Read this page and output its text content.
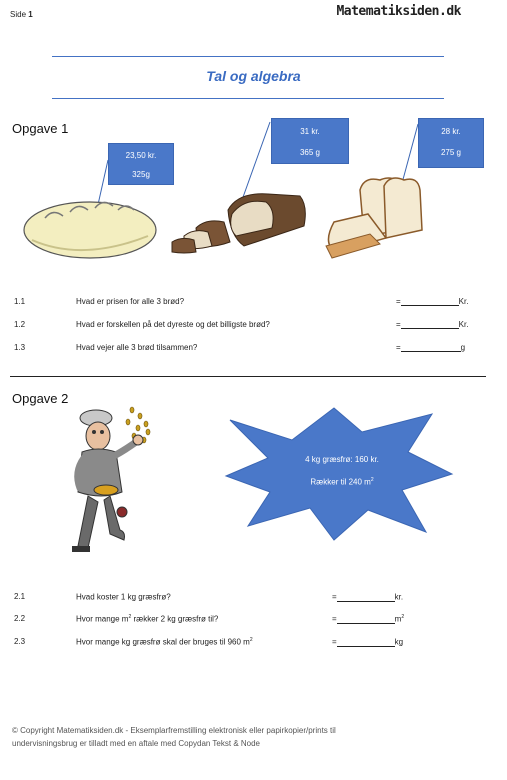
Side 1	Matematiksiden.dk
Tal og algebra
Opgave 1
23,50 kr.
325g
31 kr.
365 g
28 kr.
275 g
1.1	Hvad er prisen for alle 3 brød?	=	Kr.
1.2	Hvad er forskellen på det dyreste og det billigste brød?	=	Kr.
1.3	Hvad vejer alle 3 brød tilsammen?	=	g
Opgave 2
4 kg græsfrø: 160 kr.
Rækker til 240 $m^2$
2.1	Hvad koster 1 kg græsfrø?	=	kr.
2.2	Hvor mange $m^2$ rækker 2 kg græsfrø til?	=	$m^2$
2.3	Hvor mange kg græsfrø skal der bruges til 960 $m^2$	=	kg
© Copyright Matematiksiden.dk - Eksemplarfremstilling elektronisk eller papirkopier/prints til
undervisningsbrug er tilladt med en aftale med Copydan Tekst & Node
